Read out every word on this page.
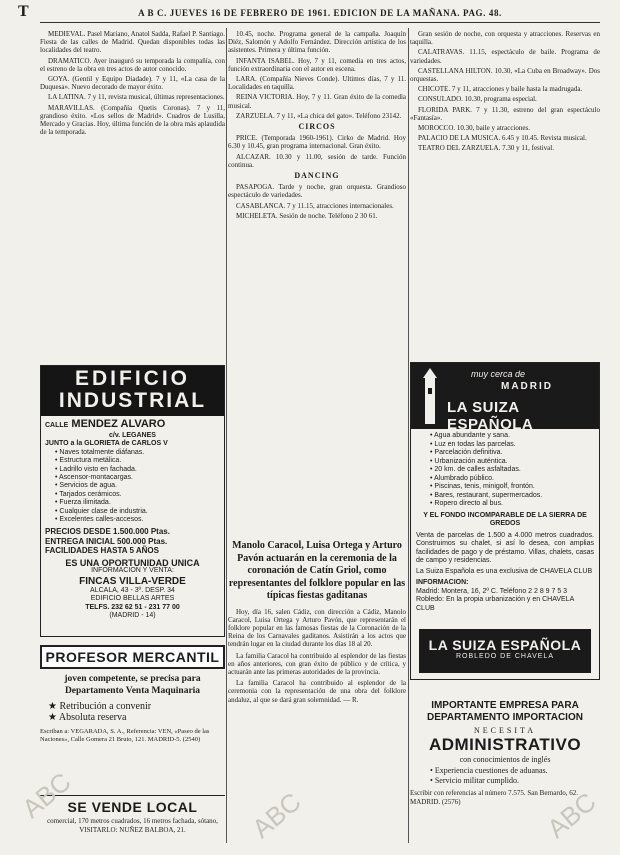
T	A B C. JUEVES 16 DE FEBRERO DE 1961. EDICION DE LA MAÑANA. PAG. 48.

MEDIEVAL. Pasel Mariano, Anatol Sadda, Rafael P. Santiago. Fiesta de las calles de Madrid. Quedan disponibles todas las localidades del teatro.

DRAMATICO. Ayer inauguró su temporada la compañía, con el estreno de la obra en tres actos de autor conocido.

GOYA. (Gentil y Equipo Diadade). 7 y 11, «La casa de la Duquesa». Nuevo decorado de mayor éxito.

LA LATINA. 7 y 11, revista musical, últimas representaciones.

MARAVILLAS. (Compañía Quetis Coronas). 7 y 11, grandioso éxito. «Los sellos de Madrid». Cuadros de Lusilla, Mercado y Gracias. Hoy, última función de la obra más aplaudida de la temporada.

EDIFICIO
INDUSTRIAL
CALLE MENDEZ ALVARO
c/v. LEGANES
JUNTO a la GLORIETA de CARLOS V
• Naves totalmente diáfanas.
• Estructura metálica.
• Ladrillo visto en fachada.
• Ascensor-montacargas.
• Servicios de agua.
• Tarjados cerámicos.
• Fuerza ilimitada.
• Cualquier clase de industria.
• Excelentes calles-accesos.
PRECIOS DESDE 1.500.000 Ptas.
ENTREGA INICIAL 500.000 Ptas.
FACILIDADES HASTA 5 AÑOS
ES UNA OPORTUNIDAD UNICA
INFORMACION Y VENTA:
FINCAS VILLA-VERDE
ALCALA, 43 - 3º. DESP. 34
EDIFICIO BELLAS ARTES
TELFS. 232 62 51 - 231 77 00
(MADRID - 14)
PROFESOR MERCANTIL
joven competente, se precisa para Departamento Venta Maquinaria
★ Retribución a convenir
★ Absoluta reserva
Escriban a: VEGARADA, S. A., Referencia: VEN, «Paseo de las Naciones», Calle Gomera 21 Bruto, 121. MADRID-5. (2540)
SE VENDE LOCAL
comercial, 170 metros cuadrados, 16 metros fachada, sótano, VISITARLO: NUÑEZ BALBOA, 21.

10.45, noche. Programa general de la campaña. Joaquín Diéz, Salomón y Adolfo Fernández. Dirección artística de los asistentes. Primera y última función.

INFANTA ISABEL. Hoy, 7 y 11, comedia en tres actos, función extraordinaria con el autor en escena.

LARA. (Compañía Nieves Conde). Ultimos días, 7 y 11. Localidades en taquilla.

REINA VICTORIA. Hoy, 7 y 11. Gran éxito de la comedia musical.

ZARZUELA. 7 y 11, «La chica del gato». Teléfono 23142.

CIRCOS

PRICE. (Temporada 1960-1961). Cirko de Madrid. Hoy 6.30 y 10.45, gran programa internacional. Gran éxito.

ALCAZAR. 10.30 y 11.00, sesión de tarde. Función continua.

DANCING

PASAPOGA. Tarde y noche, gran orquesta. Grandioso espectáculo de variedades.

CASABLANCA. 7 y 11.15, atracciones internacionales.

MICHELETA. Sesión de noche. Teléfono 2 30 61.

Manolo Caracol, Luisa Ortega y Arturo Pavón actuarán en la ceremonia de la coronación de Catín Griol, como representantes del folklore popular en las típicas fiestas gaditanas

Hoy, día 16, salen Cádiz, con dirección a Cádiz, Manolo Caracol, Luisa Ortega y Arturo Pavón, que representarán el folklore popular en las famosas fiestas de la Coronación de la Reina de los Carnavales gaditanos. Asistirán a los actos que tendrán lugar en la ciudad durante los días 18 al 20.

La familia Caracol ha contribuido al esplendor de las fiestas en años anteriores, con gran éxito de público y de crítica, y actuarán ante las primeras autoridades de la provincia.

La familia Caracol ha contribuido al esplendor de la ceremonia con la representación de una obra del folklore andaluz, al que se dará gran solemnidad. — R.

Gran sesión de noche, con orquesta y atracciones. Reservas en taquilla.

CALATRAVAS. 11.15, espectáculo de baile. Programa de variedades.

CASTELLANA HILTON. 10.30, «La Cuba en Broadway». Dos orquestas.

CHICOTE. 7 y 11, atracciones y baile hasta la madrugada.

CONSULADO. 10.30, programa especial.

FLORIDA PARK. 7 y 11.30, estreno del gran espectáculo «Fantasía».

MOROCCO. 10.30, baile y atracciones.

PALACIO DE LA MUSICA. 6.45 y 10.45. Revista musical.

TEATRO DEL ZARZUELA. 7.30 y 11, festival.

muy cerca de
MADRID
LA SUIZA ESPAÑOLA
• Agua abundante y sana.
• Luz en todas las parcelas.
• Parcelación definitiva.
• Urbanización auténtica.
• 20 km. de calles asfaltadas.
• Alumbrado público.
• Piscinas, tenis, minigolf, frontón.
• Bares, restaurant, supermercados.
• Ropero directo al bus.
Y EL FONDO INCOMPARABLE DE LA SIERRA DE GREDOS
Venta de parcelas de 1.500 a 4.000 metros cuadrados. Construimos su chalet, si así lo desea, con amplias facilidades de pago y de préstamo. Villas, chalets, casas de campo y residencias.
La Suiza Española es una exclusiva de CHAVELA CLUB
INFORMACION:
Madrid: Montera, 16, 2º C. Teléfono 2 2 8 9 7 5 3
Robledo: En la propia urbanización y en CHAVELA CLUB
LA SUIZA ESPAÑOLA
ROBLEDO DE CHAVELA
IMPORTANTE EMPRESA PARA
DEPARTAMENTO IMPORTACION
NECESITA
ADMINISTRATIVO
con conocimientos de inglés
• Experiencia cuestiones de aduanas.
• Servicio militar cumplido.
Escribir con referencias al número 7.575. San Bernardo, 62. MADRID. (2576)
ABC	ABC	ABC
